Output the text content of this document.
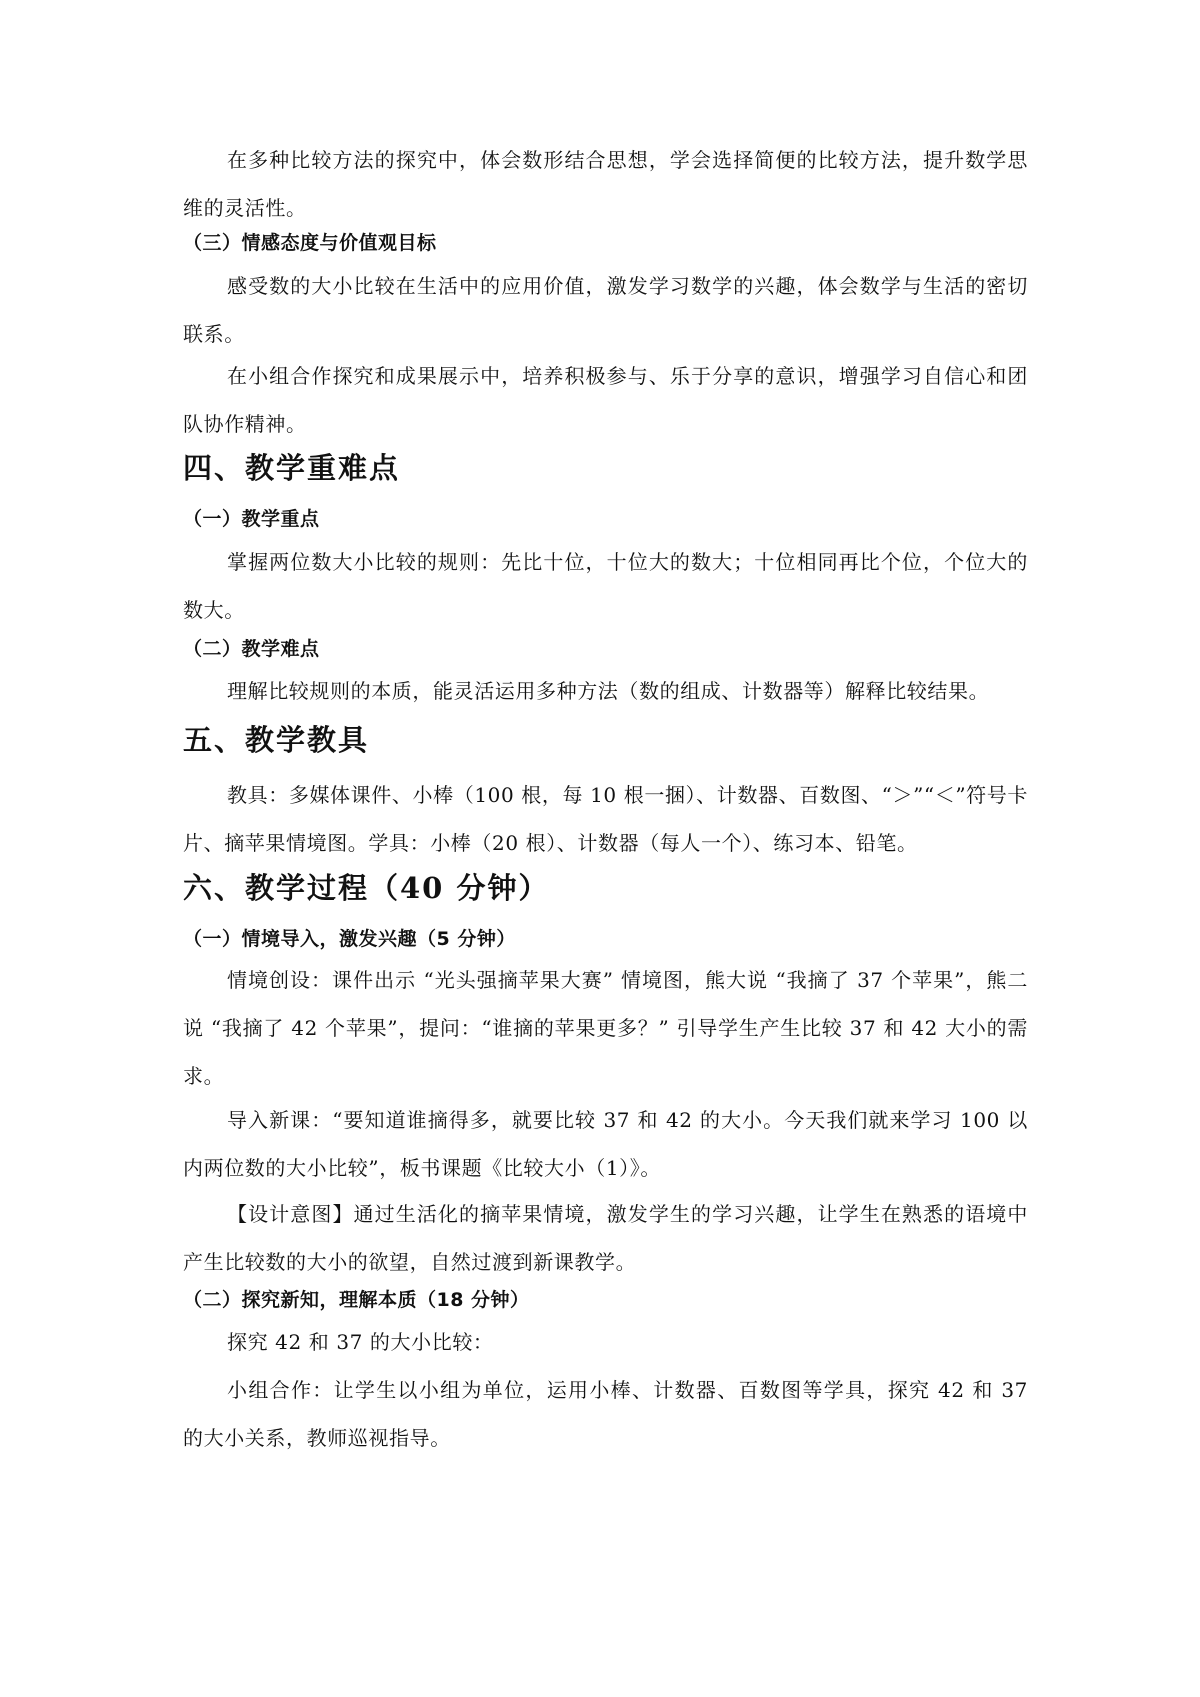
在多种比较方法的探究中，体会数形结合思想，学会选择简便的比较方法，提升数学思维的灵活性。
（三）情感态度与价值观目标
感受数的大小比较在生活中的应用价值，激发学习数学的兴趣，体会数学与生活的密切联系。
在小组合作探究和成果展示中，培养积极参与、乐于分享的意识，增强学习自信心和团队协作精神。
四、教学重难点
（一）教学重点
掌握两位数大小比较的规则：先比十位，十位大的数大；十位相同再比个位，个位大的数大。
（二）教学难点
理解比较规则的本质，能灵活运用多种方法（数的组成、计数器等）解释比较结果。
五、教学教具
教具：多媒体课件、小棒（100 根，每 10 根一捆）、计数器、百数图、“＞”“＜”符号卡片、摘苹果情境图。学具：小棒（20 根）、计数器（每人一个）、练习本、铅笔。
六、教学过程（40 分钟）
（一）情境导入，激发兴趣（5 分钟）
情境创设：课件出示 “光头强摘苹果大赛” 情境图，熊大说 “我摘了 37 个苹果”，熊二说 “我摘了 42 个苹果”，提问：“谁摘的苹果更多？” 引导学生产生比较 37 和 42 大小的需求。
导入新课：“要知道谁摘得多，就要比较 37 和 42 的大小。今天我们就来学习 100 以内两位数的大小比较”，板书课题《比较大小（1）》。
【设计意图】通过生活化的摘苹果情境，激发学生的学习兴趣，让学生在熟悉的语境中产生比较数的大小的欲望，自然过渡到新课教学。
（二）探究新知，理解本质（18 分钟）
探究 42 和 37 的大小比较：
小组合作：让学生以小组为单位，运用小棒、计数器、百数图等学具，探究 42 和 37 的大小关系，教师巡视指导。
